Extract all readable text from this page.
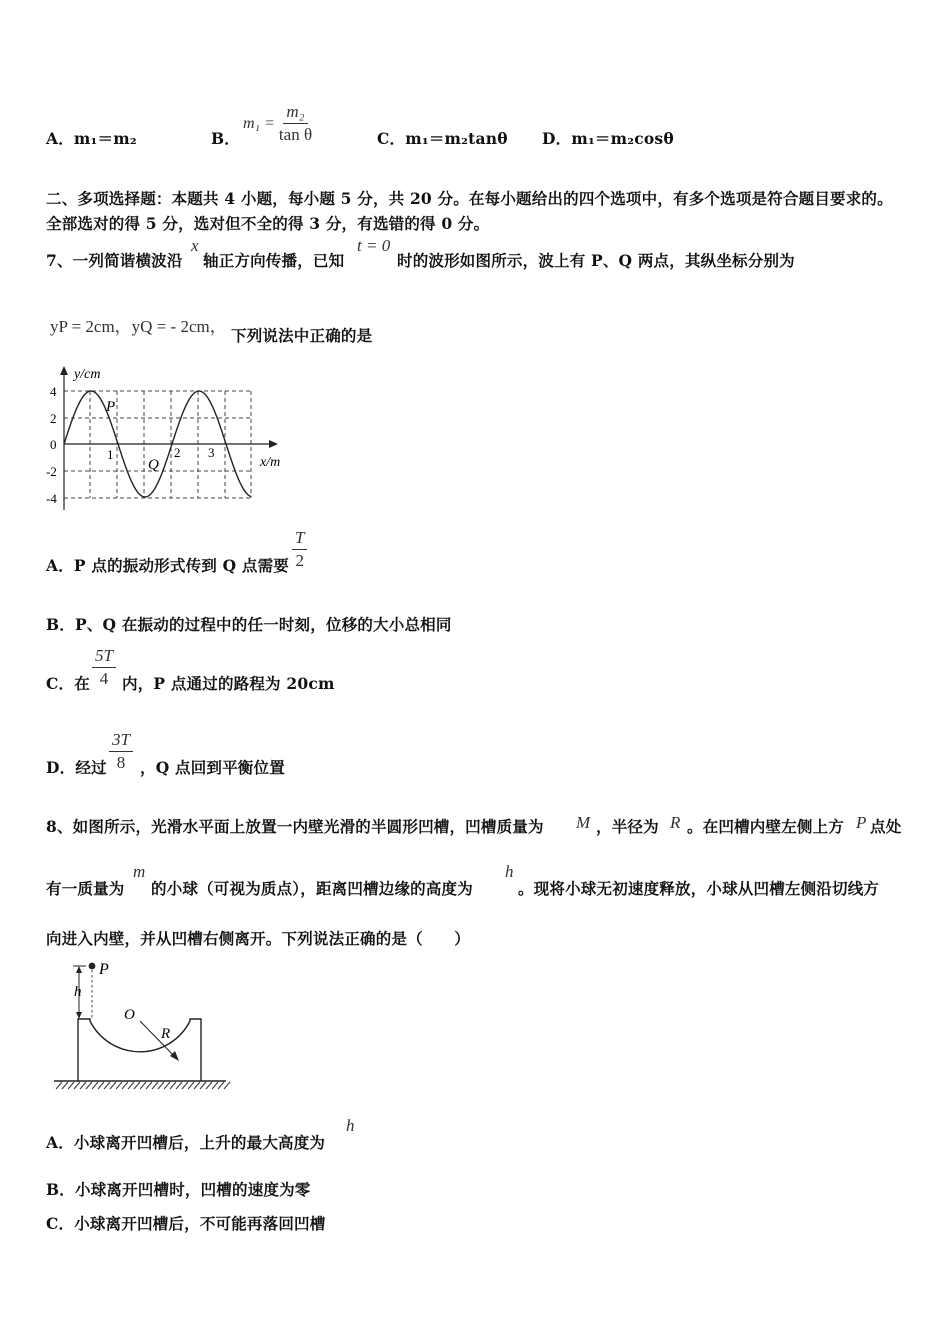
A．m₁＝m₂	B．
$m_1 = \frac{\text{m₂}}{\text{tan θ}}$	C．m₁＝m₂tanθ D．m₁＝m₂cosθ
二、多项选择题：本题共 4 小题，每小题 5 分，共 20 分。在每小题给出的四个选项中，有多个选项是符合题目要求的。
全部选对的得 5 分，选对但不全的得 3 分，有选错的得 0 分。
7、一列简谐横波沿
x
轴正方向传播，已知
t = 0
时的波形如图所示，波上有 P、Q 两点，其纵坐标分别为
yP = 2cm，yQ = - 2cm， 下列说法中正确的是
y/cm
x/m
4
2
0
-2
-4
1	2 3
P
Q
A．P 点的振动形式传到 Q 点需要 $\frac{T}{2}$
B．P、Q 在振动的过程中的任一时刻，位移的大小总相同
C．在 $\frac{5T}{4}$ 内，P 点通过的路程为 20cm
D．经过 $\frac{3T}{8}$ ，Q 点回到平衡位置
8、如图所示，光滑水平面上放置一内壁光滑的半圆形凹槽，凹槽质量为 M ，半径为 R 。在凹槽内壁左侧上方 P 点处
有一质量为
m
的小球（可视为质点），距离凹槽边缘的高度为
h
。现将小球无初速度释放，小球从凹槽左侧沿切线方
向进入内壁，并从凹槽右侧离开。下列说法正确的是（　　）
P
h
O
R
A．小球离开凹槽后，上升的最大高度为
h
B．小球离开凹槽时，凹槽的速度为零
C．小球离开凹槽后，不可能再落回凹槽
